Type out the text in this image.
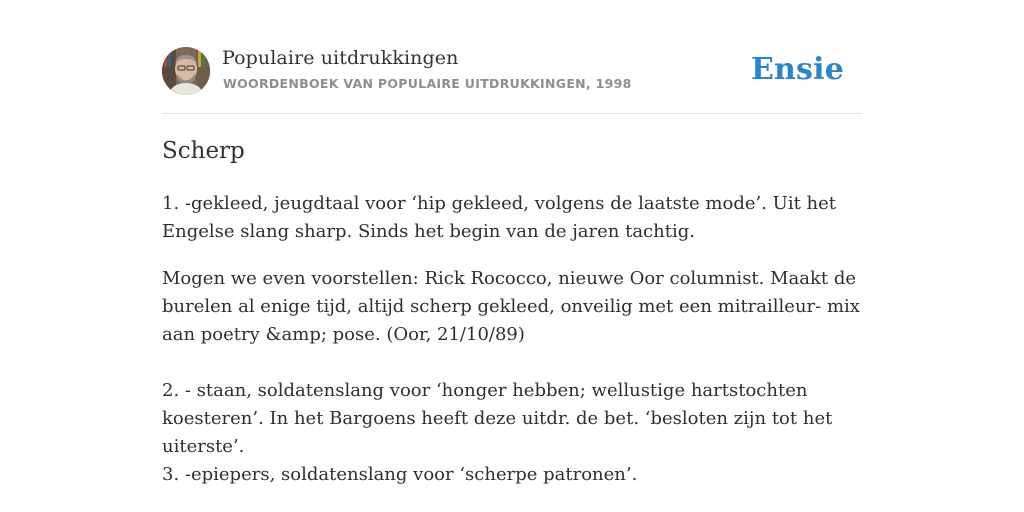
Populaire uitdrukkingen
WOORDENBOEK VAN POPULAIRE UITDRUKKINGEN, 1998	Ensie
Scherp

1. -gekleed, jeugdtaal voor ‘hip gekleed, volgens de laatste mode’. Uit het Engelse slang sharp. Sinds het begin van de jaren tachtig.

Mogen we even voorstellen: Rick Rococco, nieuwe Oor columnist. Maakt de burelen al enige tijd, altijd scherp gekleed, onveilig met een mitrailleur- mix aan poetry &amp; pose. (Oor, 21/10/89)

2. - staan, soldatenslang voor ‘honger hebben; wellustige hartstochten koesteren’. In het Bargoens heeft deze uitdr. de bet. ‘besloten zijn tot het uiterste’.

3. -epiepers, soldatenslang voor ‘scherpe patronen’.
